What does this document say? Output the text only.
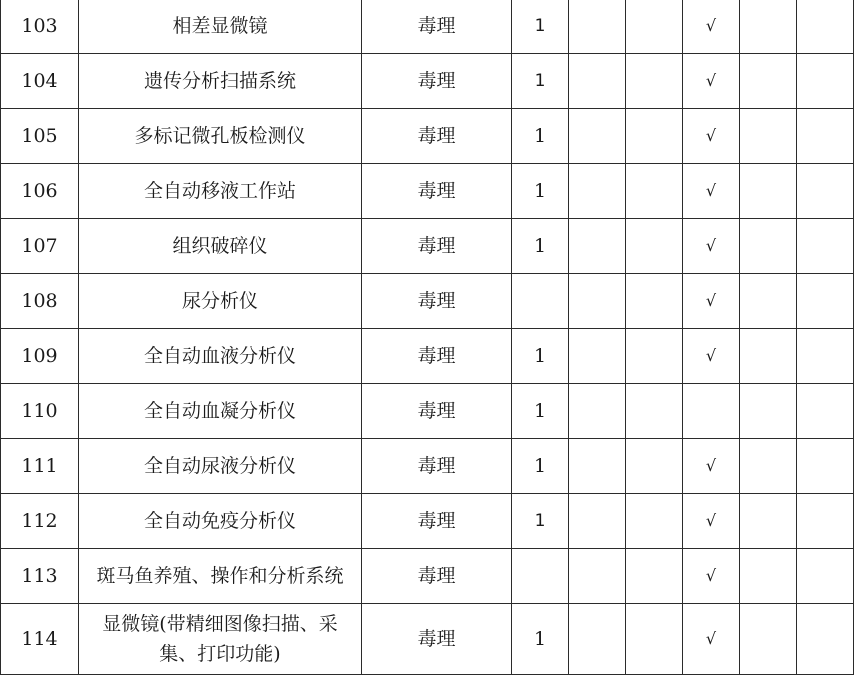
103	相差显微镜	毒理	1			√		
104	遗传分析扫描系统	毒理	1			√		
105	多标记微孔板检测仪	毒理	1			√		
106	全自动移液工作站	毒理	1			√		
107	组织破碎仪	毒理	1			√		
108	尿分析仪	毒理				√		
109	全自动血液分析仪	毒理	1			√		
110	全自动血凝分析仪	毒理	1					
111	全自动尿液分析仪	毒理	1			√		
112	全自动免疫分析仪	毒理	1			√		
113	斑马鱼养殖、操作和分析系统	毒理				√		
114	显微镜(带精细图像扫描、采集、打印功能)	毒理	1			√		
